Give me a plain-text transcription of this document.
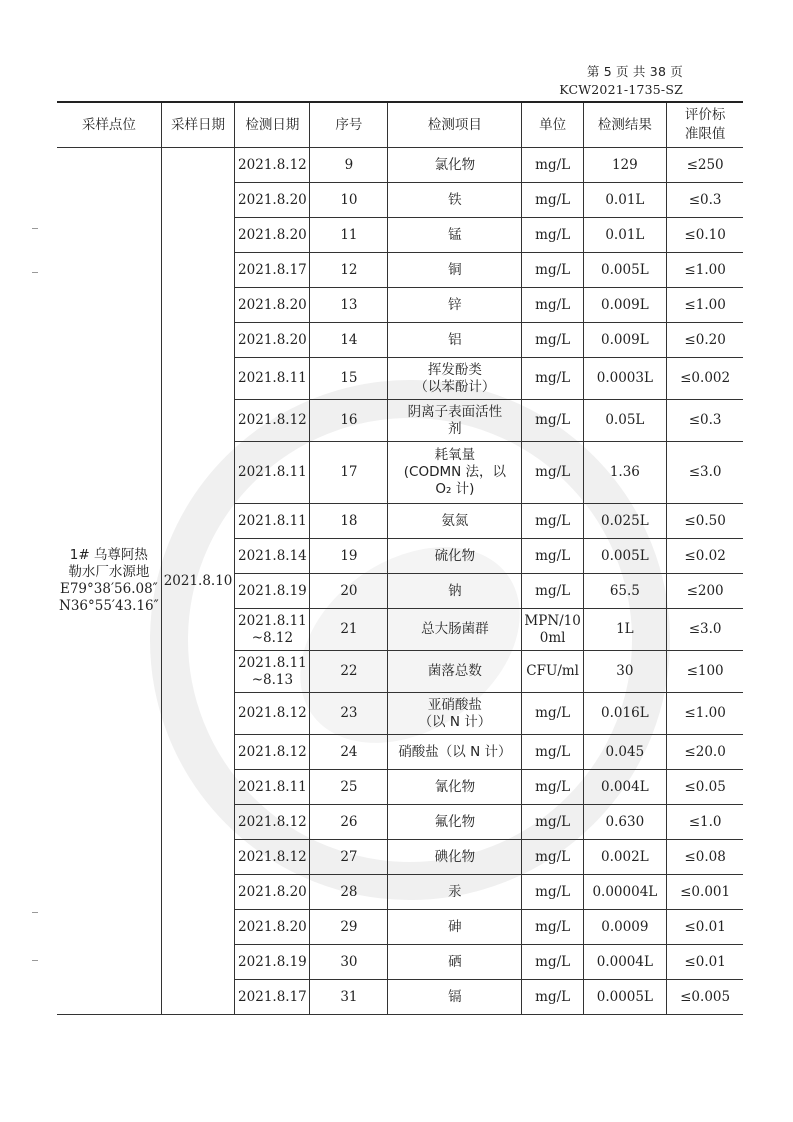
第 5 页 共 38 页
KCW2021-1735-SZ
采样点位	采样日期	检测日期	序号	检测项目	单位	检测结果	评价标准限值

1# 乌尊阿热
勒水厂水源地
E79°38′56.08″
N36°55′43.16″	2021.8.10	2021.8.12	9	氯化物	mg/L	129	≤250
		2021.8.20	10	铁	mg/L	0.01L	≤0.3
		2021.8.20	11	锰	mg/L	0.01L	≤0.10
		2021.8.17	12	铜	mg/L	0.005L	≤1.00
		2021.8.20	13	锌	mg/L	0.009L	≤1.00
		2021.8.20	14	铝	mg/L	0.009L	≤0.20
		2021.8.11	15	挥发酚类
（以苯酚计）	mg/L	0.0003L	≤0.002
		2021.8.12	16	阴离子表面活性
剂	mg/L	0.05L	≤0.3
		2021.8.11	17	耗氧量
(CODMN 法，以
O₂ 计)	mg/L	1.36	≤3.0
		2021.8.11	18	氨氮	mg/L	0.025L	≤0.50
		2021.8.14	19	硫化物	mg/L	0.005L	≤0.02
		2021.8.19	20	钠	mg/L	65.5	≤200
		2021.8.11
~8.12	21	总大肠菌群	MPN/10
0ml	1L	≤3.0
		2021.8.11
~8.13	22	菌落总数	CFU/ml	30	≤100
		2021.8.12	23	亚硝酸盐
（以 N 计）	mg/L	0.016L	≤1.00
		2021.8.12	24	硝酸盐（以 N 计）	mg/L	0.045	≤20.0
		2021.8.11	25	氰化物	mg/L	0.004L	≤0.05
		2021.8.12	26	氟化物	mg/L	0.630	≤1.0
		2021.8.12	27	碘化物	mg/L	0.002L	≤0.08
		2021.8.20	28	汞	mg/L	0.00004L	≤0.001
		2021.8.20	29	砷	mg/L	0.0009	≤0.01
		2021.8.19	30	硒	mg/L	0.0004L	≤0.01
		2021.8.17	31	镉	mg/L	0.0005L	≤0.005
